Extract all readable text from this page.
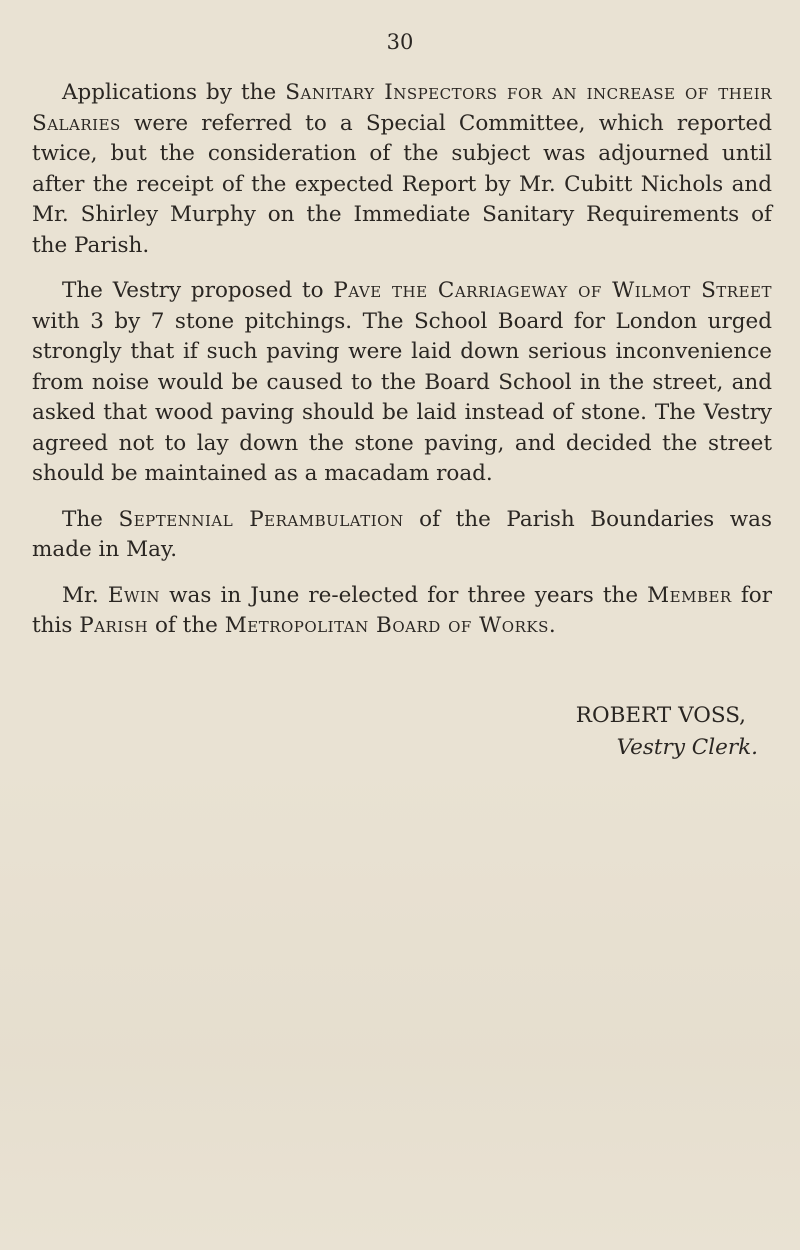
30

Applications by the Sanitary Inspectors for an increase of their Salaries were referred to a Special Committee, which reported twice, but the consideration of the subject was adjourned until after the receipt of the expected Report by Mr. Cubitt Nichols and Mr. Shirley Murphy on the Immediate Sanitary Requirements of the Parish.

The Vestry proposed to Pave the Carriageway of Wilmot Street with 3 by 7 stone pitchings. The School Board for London urged strongly that if such paving were laid down serious inconvenience from noise would be caused to the Board School in the street, and asked that wood paving should be laid instead of stone. The Vestry agreed not to lay down the stone paving, and decided the street should be maintained as a macadam road.

The Septennial Perambulation of the Parish Boundaries was made in May.

Mr. Ewin was in June re-elected for three years the Member for this Parish of the Metropolitan Board of Works.

ROBERT VOSS,
Vestry Clerk.
